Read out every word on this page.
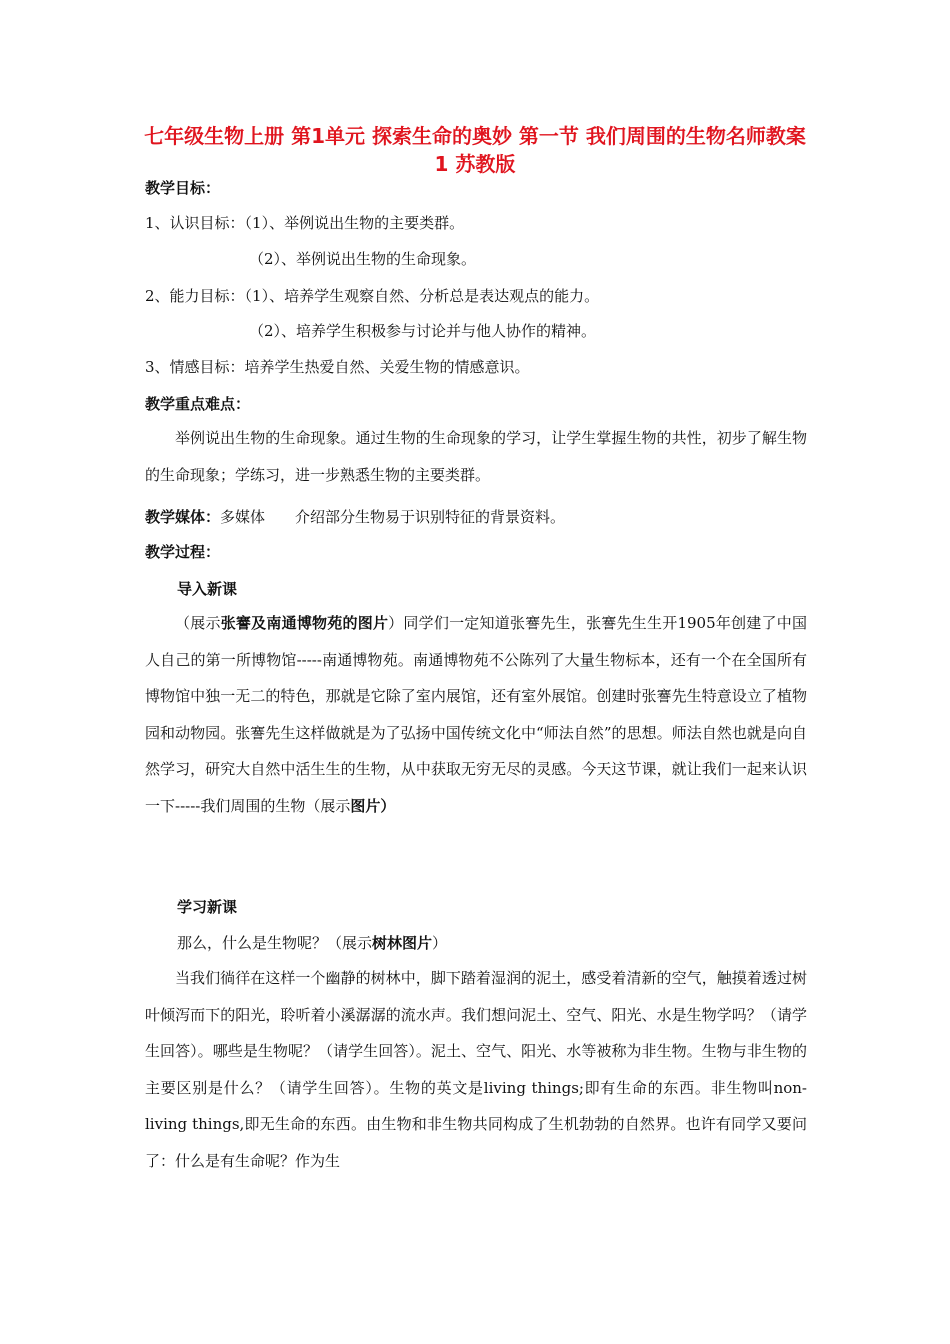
七年级生物上册 第1单元 探索生命的奥妙 第一节 我们周围的生物名师教案1 苏教版
教学目标：
1、认识目标：（1）、举例说出生物的主要类群。
（2）、举例说出生物的生命现象。
2、能力目标：（1）、培养学生观察自然、分析总是表达观点的能力。
（2）、培养学生积极参与讨论并与他人协作的精神。
3、情感目标：培养学生热爱自然、关爱生物的情感意识。
教学重点难点：
举例说出生物的生命现象。通过生物的生命现象的学习，让学生掌握生物的共性，初步了解生物的生命现象；学练习，进一步熟悉生物的主要类群。
教学媒体：多媒体　　介绍部分生物易于识别特征的背景资料。
教学过程：
导入新课
（展示张謇及南通博物苑的图片）同学们一定知道张謇先生，张謇先生生开1905年创建了中国人自己的第一所博物馆-----南通博物苑。南通博物苑不公陈列了大量生物标本，还有一个在全国所有博物馆中独一无二的特色，那就是它除了室内展馆，还有室外展馆。创建时张謇先生特意设立了植物园和动物园。张謇先生这样做就是为了弘扬中国传统文化中“师法自然”的思想。师法自然也就是向自然学习，研究大自然中活生生的生物，从中获取无穷无尽的灵感。今天这节课，就让我们一起来认识一下-----我们周围的生物（展示图片）
学习新课
那么，什么是生物呢？（展示树林图片）
当我们徜徉在这样一个幽静的树林中，脚下踏着湿润的泥土，感受着清新的空气，触摸着透过树叶倾泻而下的阳光，聆听着小溪潺潺的流水声。我们想问泥土、空气、阳光、水是生物学吗？（请学生回答）。哪些是生物呢？（请学生回答）。泥土、空气、阳光、水等被称为非生物。生物与非生物的主要区别是什么？（请学生回答）。生物的英文是living things;即有生命的东西。非生物叫non-living things,即无生命的东西。由生物和非生物共同构成了生机勃勃的自然界。也许有同学又要问了：什么是有生命呢？作为生
